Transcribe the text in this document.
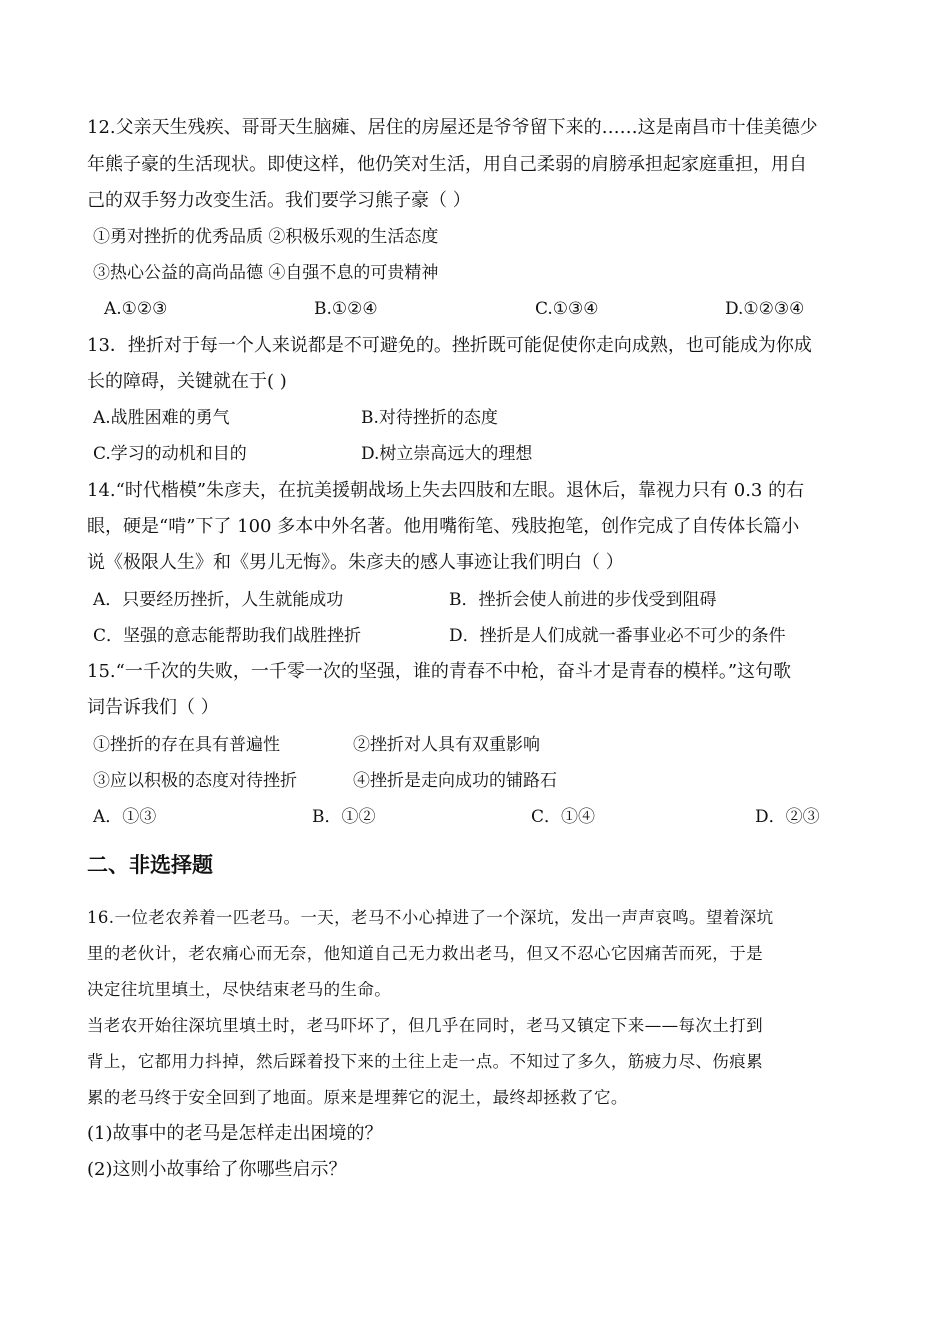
12.父亲天生残疾、哥哥天生脑瘫、居住的房屋还是爷爷留下来的……这是南昌市十佳美德少
年熊子豪的生活现状。即使这样，他仍笑对生活，用自己柔弱的肩膀承担起家庭重担，用自
己的双手努力改变生活。我们要学习熊子豪（ ）
①勇对挫折的优秀品质 ②积极乐观的生活态度
③热心公益的高尚品德 ④自强不息的可贵精神
A.①②③	B.①②④	C.①③④	D.①②③④
13．挫折对于每一个人来说都是不可避免的。挫折既可能促使你走向成熟，也可能成为你成
长的障碍，关键就在于( )
A.战胜困难的勇气	B.对待挫折的态度
C.学习的动机和目的	D.树立崇高远大的理想
14.“时代楷模”朱彦夫，在抗美援朝战场上失去四肢和左眼。退休后，靠视力只有 0.3 的右
眼，硬是“啃”下了 100 多本中外名著。他用嘴衔笔、残肢抱笔，创作完成了自传体长篇小
说《极限人生》和《男儿无悔》。朱彦夫的感人事迹让我们明白（ ）
A．只要经历挫折，人生就能成功	B．挫折会使人前进的步伐受到阻碍
C．坚强的意志能帮助我们战胜挫折	D．挫折是人们成就一番事业必不可少的条件
15.“一千次的失败，一千零一次的坚强，谁的青春不中枪，奋斗才是青春的模样。”这句歌
词告诉我们（ ）
①挫折的存在具有普遍性	②挫折对人具有双重影响
③应以积极的态度对待挫折	④挫折是走向成功的铺路石
A．①③	B．①②	C．①④	D．②③
二、非选择题
16.一位老农养着一匹老马。一天，老马不小心掉进了一个深坑，发出一声声哀鸣。望着深坑
里的老伙计，老农痛心而无奈，他知道自己无力救出老马，但又不忍心它因痛苦而死，于是
决定往坑里填土，尽快结束老马的生命。
当老农开始往深坑里填土时，老马吓坏了，但几乎在同时，老马又镇定下来——每次土打到
背上，它都用力抖掉，然后踩着投下来的土往上走一点。不知过了多久，筋疲力尽、伤痕累
累的老马终于安全回到了地面。原来是埋葬它的泥土，最终却拯救了它。
(1)故事中的老马是怎样走出困境的？
(2)这则小故事给了你哪些启示？
